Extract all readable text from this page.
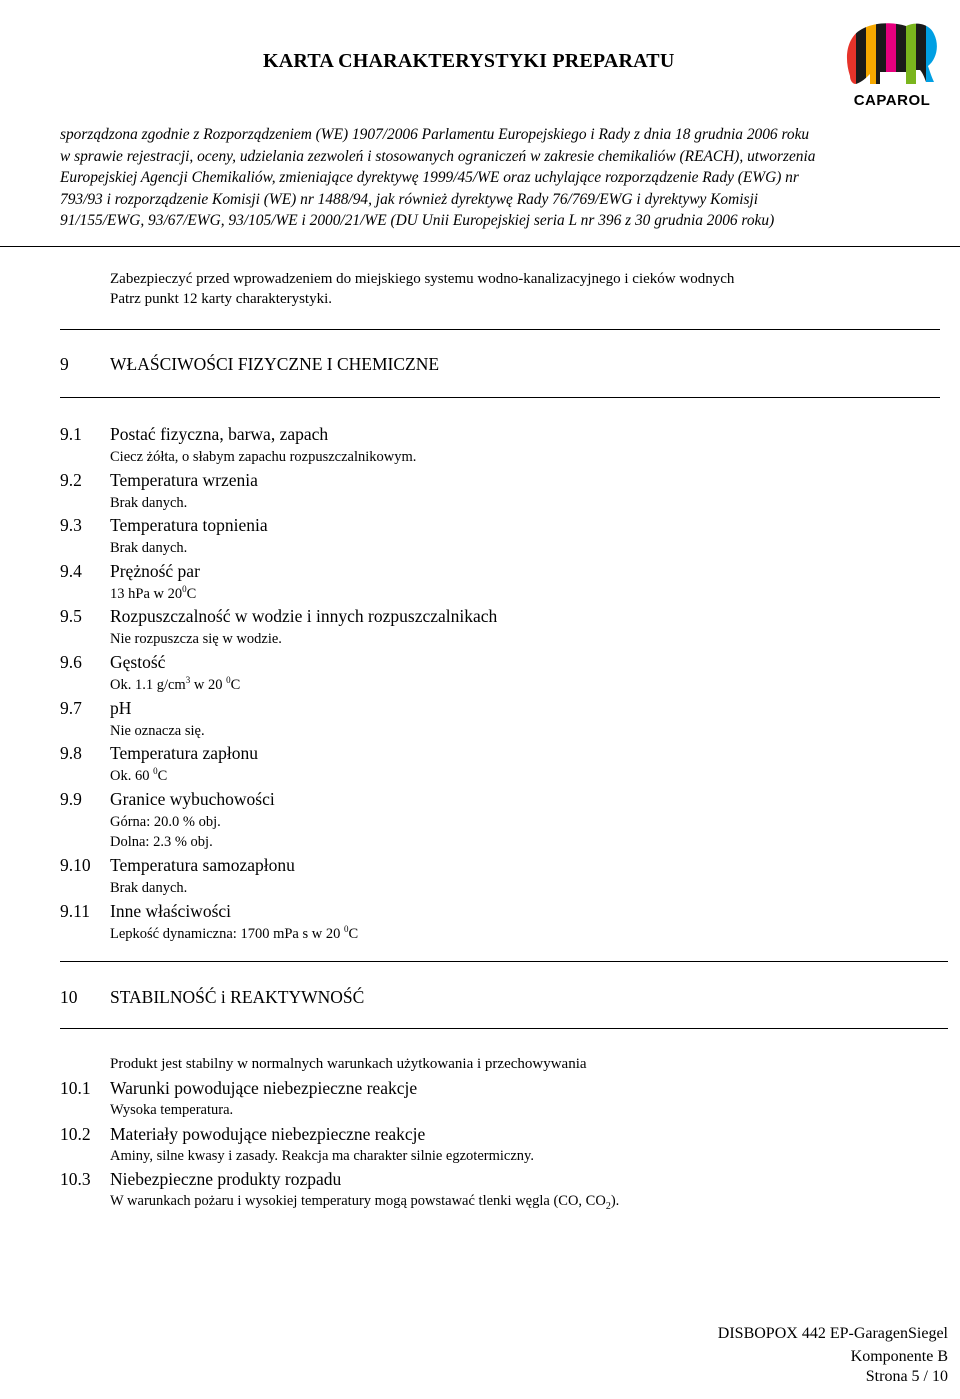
KARTA CHARAKTERYSTYKI PREPARATU
CAPAROL
sporządzona zgodnie z Rozporządzeniem (WE) 1907/2006 Parlamentu Europejskiego i Rady z dnia 18 grudnia 2006 roku
w sprawie rejestracji, oceny, udzielania zezwoleń i stosowanych ograniczeń w zakresie chemikaliów (REACH), utworzenia
Europejskiej Agencji Chemikaliów, zmieniające dyrektywę 1999/45/WE oraz uchylające rozporządzenie Rady (EWG) nr
793/93 i rozporządzenie Komisji (WE) nr 1488/94, jak również dyrektywę Rady 76/769/EWG i dyrektywy Komisji
91/155/EWG, 93/67/EWG, 93/105/WE i 2000/21/WE (DU Unii Europejskiej seria L nr 396 z 30 grudnia 2006 roku)
Zabezpieczyć przed wprowadzeniem do miejskiego systemu wodno-kanalizacyjnego i cieków wodnych
Patrz punkt 12 karty charakterystyki.
9 WŁAŚCIWOŚCI FIZYCZNE I CHEMICZNE
9.1 Postać fizyczna, barwa, zapach
Ciecz żółta, o słabym zapachu rozpuszczalnikowym.
9.2 Temperatura wrzenia
Brak danych.
9.3 Temperatura topnienia
Brak danych.
9.4 Prężność par
13 hPa w $20^0C$
9.5 Rozpuszczalność w wodzie i innych rozpuszczalnikach
Nie rozpuszcza się w wodzie.
9.6 Gęstość
Ok. 1.1 $g/cm^3$ w 20 $^0$C
9.7 pH
Nie oznacza się.
9.8 Temperatura zapłonu
Ok. 60 $^0$C
9.9 Granice wybuchowości
Górna: 20.0 % obj.
Dolna: 2.3 % obj.
9.10 Temperatura samozapłonu
Brak danych.
9.11 Inne właściwości
Lepkość dynamiczna: 1700 mPa s w 20 $^0$C
10 STABILNOŚĆ i REAKTYWNOŚĆ
Produkt jest stabilny w normalnych warunkach użytkowania i przechowywania
10.1 Warunki powodujące niebezpieczne reakcje
Wysoka temperatura.
10.2 Materiały powodujące niebezpieczne reakcje
Aminy, silne kwasy i zasady. Reakcja ma charakter silnie egzotermiczny.
10.3 Niebezpieczne produkty rozpadu
W warunkach pożaru i wysokiej temperatury mogą powstawać tlenki węgla (CO, $CO_2$).
DISBOPOX 442 EP-GaragenSiegel
Komponente B
Strona 5 / 10
